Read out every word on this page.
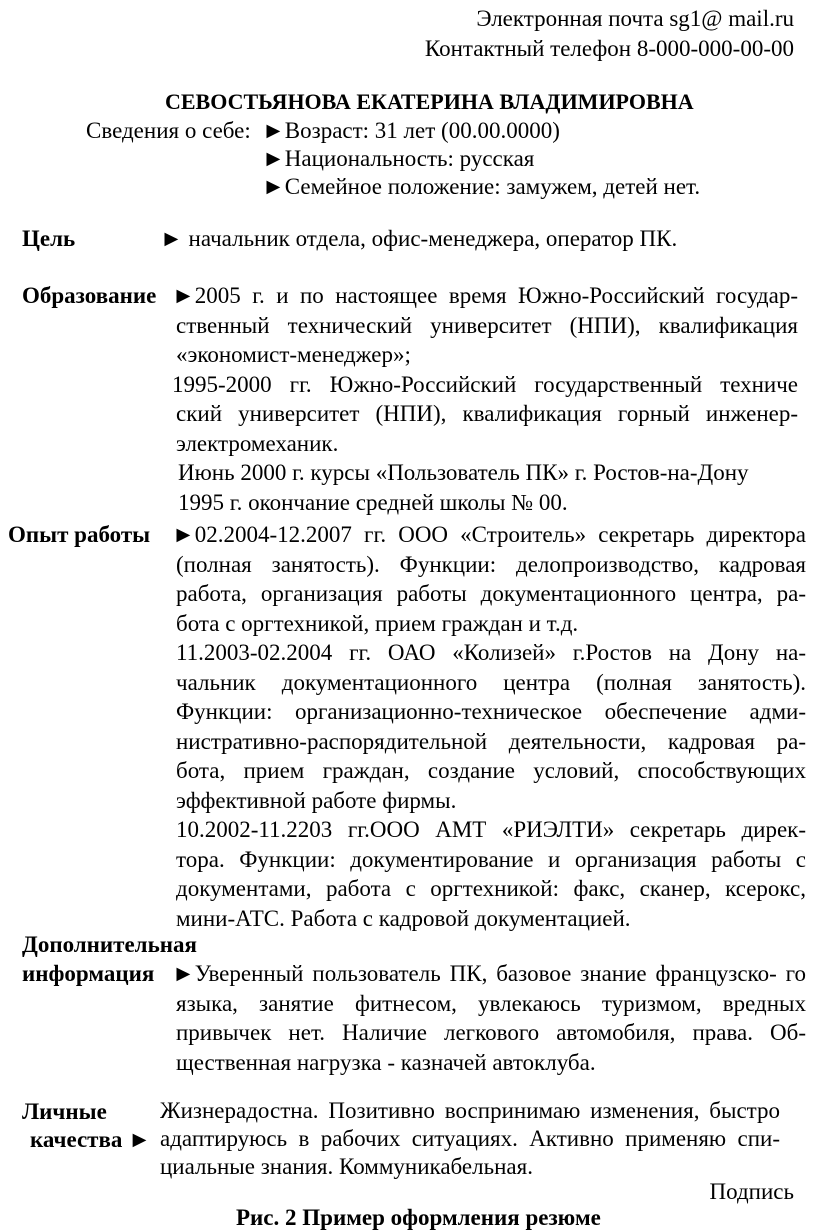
Электронная почта sg1@ mail.ru
Контактный телефон 8-000-000-00-00
СЕВОСТЬЯНОВА ЕКАТЕРИНА ВЛАДИМИРОВНА
Сведения о себе: ►Возраст: 31 лет (00.00.0000)
►Национальность: русская
►Семейное положение: замужем, детей нет.
Цель	► начальник отдела, офис-менеджера, оператор ПК.
Образование ►2005 г. и по настоящее время Южно-Российский государ-
ственный технический университет (НПИ), квалификация
«экономист-менеджер»;
1995-2000 гг. Южно-Российский государственный техниче
ский университет (НПИ), квалификация горный инженер-
электромеханик.
Июнь 2000 г. курсы «Пользователь ПК» г. Ростов-на-Дону
1995 г. окончание средней школы № 00.
Опыт работы ►02.2004-12.2007 гг. ООО «Строитель» секретарь директора
(полная занятость). Функции: делопроизводство, кадровая
работа, организация работы документационного центра, ра-
бота с оргтехникой, прием граждан и т.д.
11.2003-02.2004 гг. ОАО «Колизей» г.Ростов на Дону на-
чальник документационного центра (полная занятость).
Функции: организационно-техническое обеспечение адми-
нистративно-распорядительной деятельности, кадровая ра-
бота, прием граждан, создание условий, способствующих
эффективной работе фирмы.
10.2002-11.2203 гг.ООО АМТ «РИЭЛТИ» секретарь дирек-
тора. Функции: документирование и организация работы с
документами, работа с оргтехникой: факс, сканер, ксерокс,
мини-АТС. Работа с кадровой документацией.
Дополнительная
информация ►Уверенный пользователь ПК, базовое знание французско- го
языка, занятие фитнесом, увлекаюсь туризмом, вредных
привычек нет. Наличие легкового автомобиля, права. Об-
щественная нагрузка - казначей автоклуба.
Личные
качества ►
Жизнерадостна. Позитивно воспринимаю изменения, быстро
адаптируюсь в рабочих ситуациях. Активно применяю спи-
циальные знания. Коммуникабельная.
Подпись
Рис. 2 Пример оформления резюме
